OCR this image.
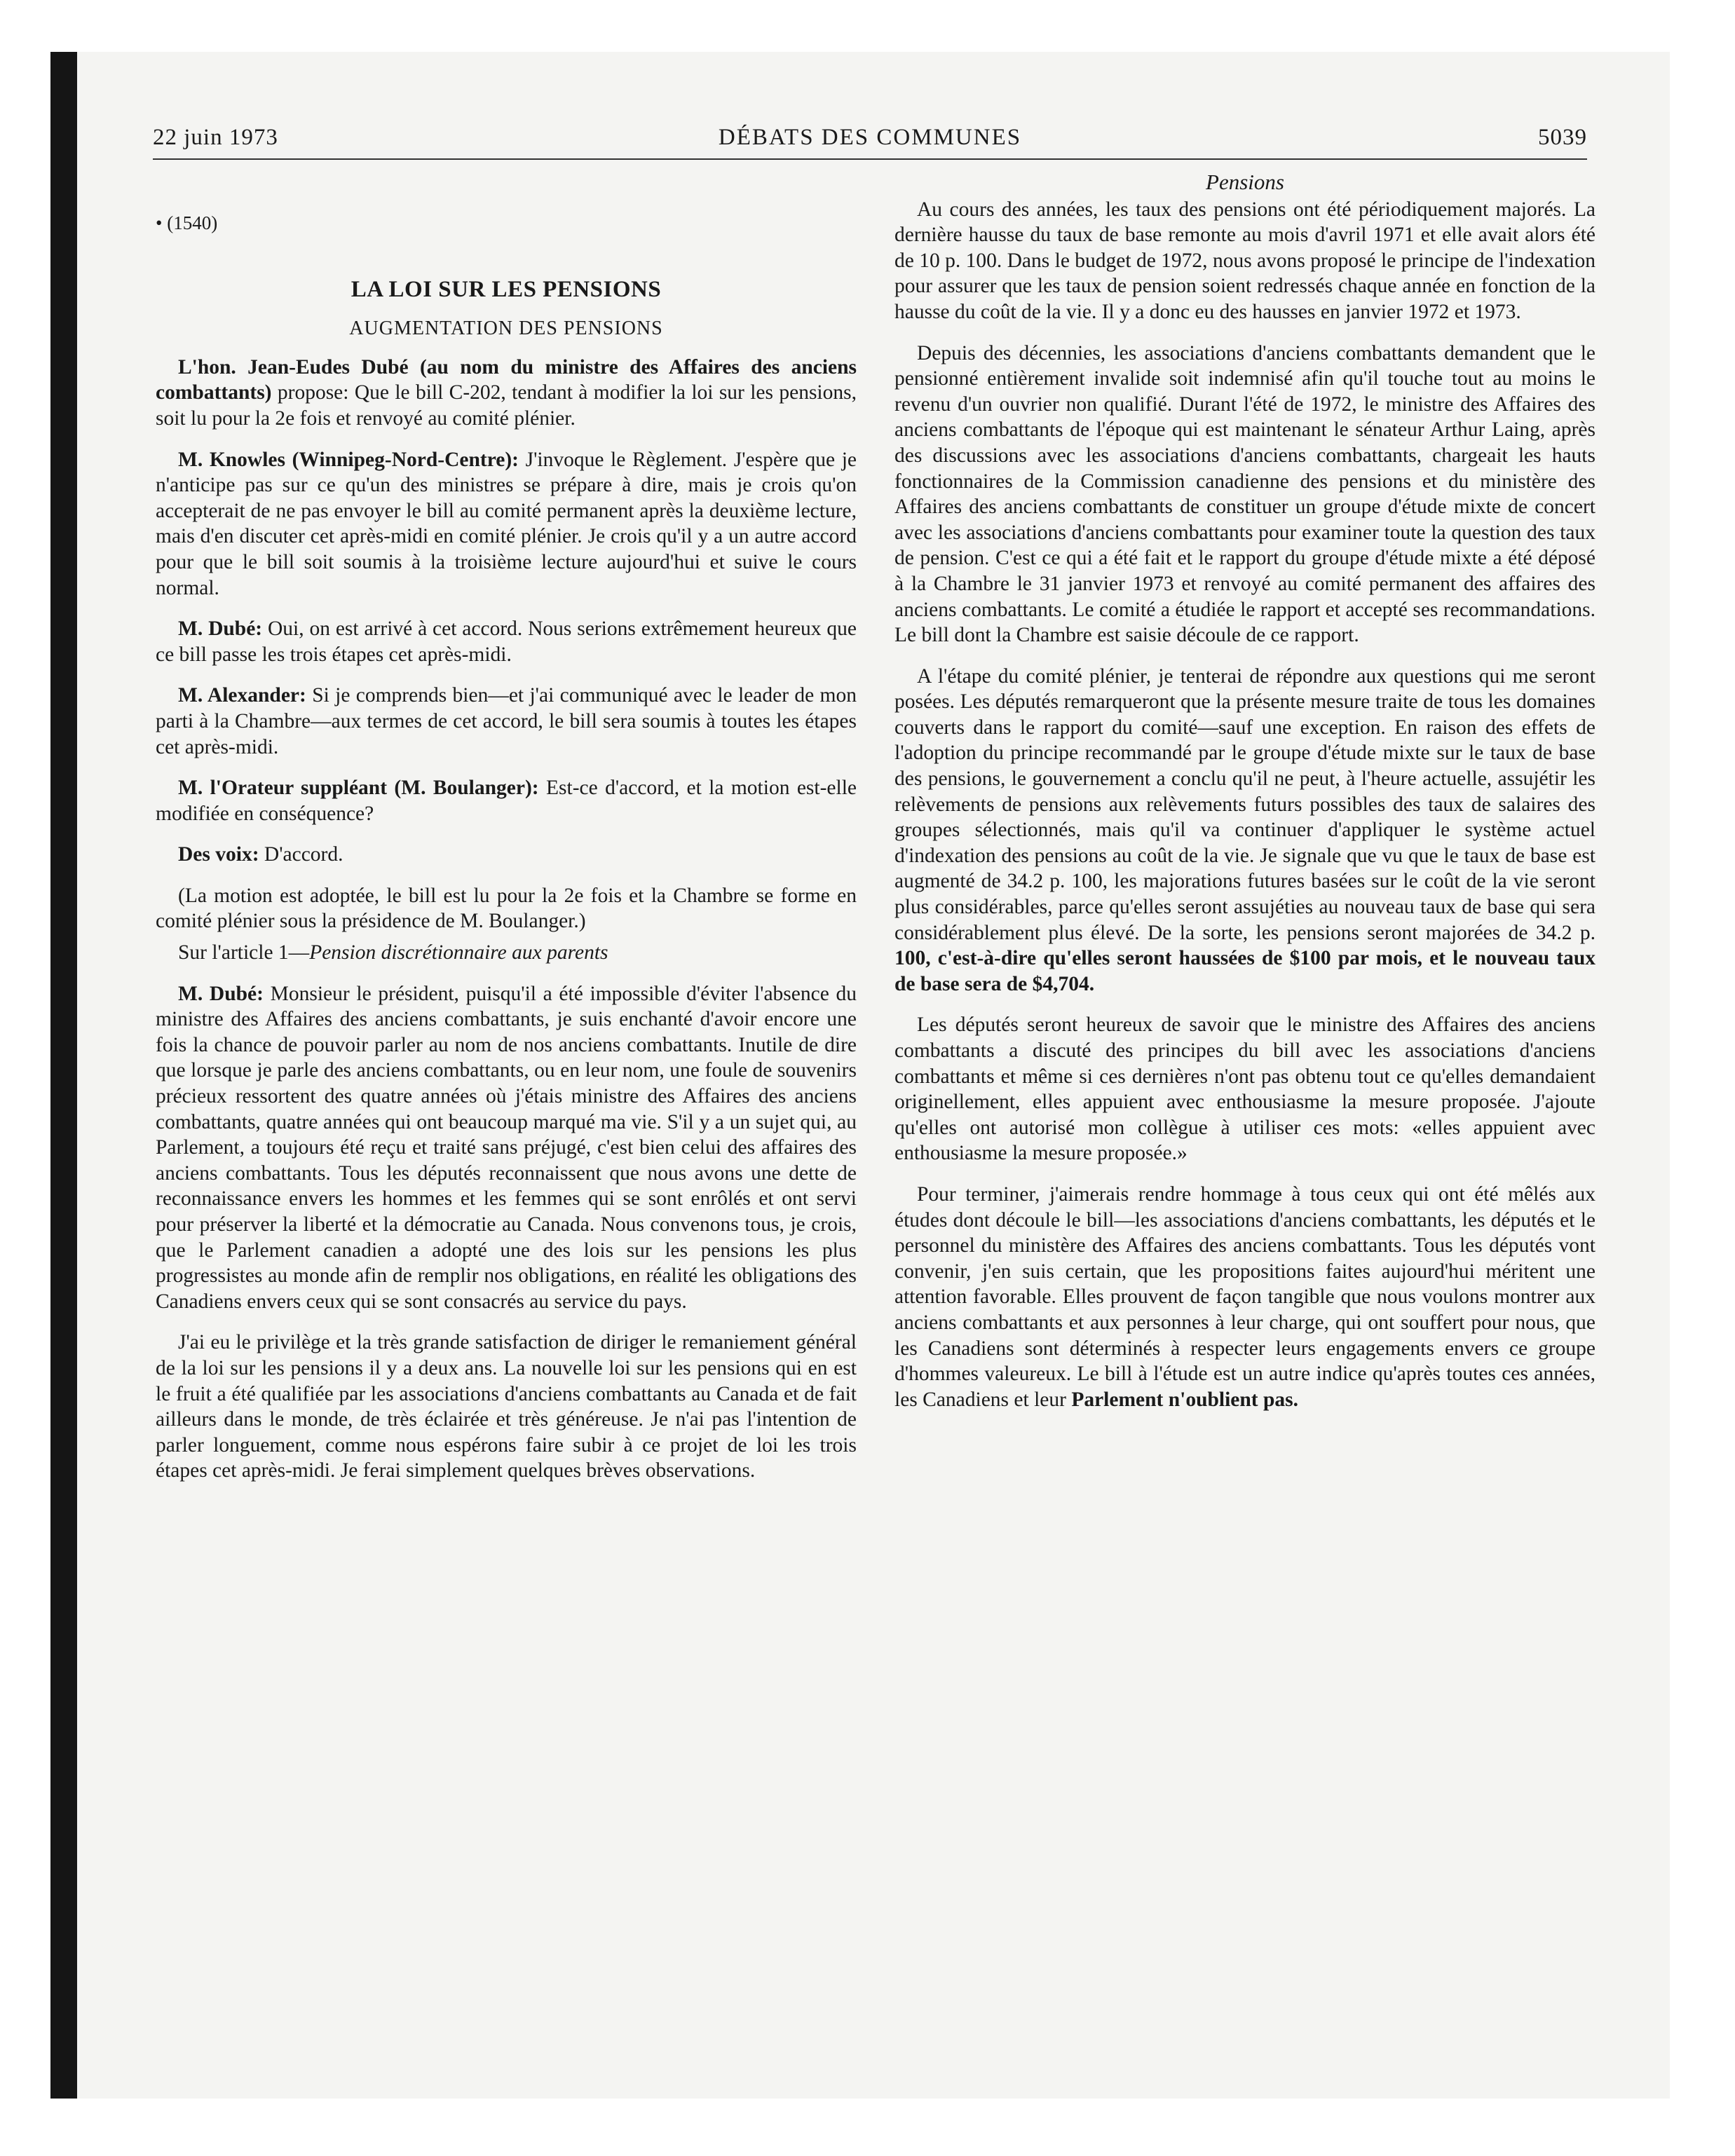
22 juin 1973	DÉBATS DES COMMUNES	5039
• (1540)
LA LOI SUR LES PENSIONS
AUGMENTATION DES PENSIONS

L'hon. Jean-Eudes Dubé (au nom du ministre des Affaires des anciens combattants) propose: Que le bill C-202, tendant à modifier la loi sur les pensions, soit lu pour la 2e fois et renvoyé au comité plénier.

M. Knowles (Winnipeg-Nord-Centre): J'invoque le Règlement. J'espère que je n'anticipe pas sur ce qu'un des ministres se prépare à dire, mais je crois qu'on accepterait de ne pas envoyer le bill au comité permanent après la deuxième lecture, mais d'en discuter cet après-midi en comité plénier. Je crois qu'il y a un autre accord pour que le bill soit soumis à la troisième lecture aujourd'hui et suive le cours normal.

M. Dubé: Oui, on est arrivé à cet accord. Nous serions extrêmement heureux que ce bill passe les trois étapes cet après-midi.

M. Alexander: Si je comprends bien—et j'ai communiqué avec le leader de mon parti à la Chambre—aux termes de cet accord, le bill sera soumis à toutes les étapes cet après-midi.

M. l'Orateur suppléant (M. Boulanger): Est-ce d'accord, et la motion est-elle modifiée en conséquence?

Des voix: D'accord.

(La motion est adoptée, le bill est lu pour la 2e fois et la Chambre se forme en comité plénier sous la présidence de M. Boulanger.)

Sur l'article 1—Pension discrétionnaire aux parents

M. Dubé: Monsieur le président, puisqu'il a été impossible d'éviter l'absence du ministre des Affaires des anciens combattants, je suis enchanté d'avoir encore une fois la chance de pouvoir parler au nom de nos anciens combattants. Inutile de dire que lorsque je parle des anciens combattants, ou en leur nom, une foule de souvenirs précieux ressortent des quatre années où j'étais ministre des Affaires des anciens combattants, quatre années qui ont beaucoup marqué ma vie. S'il y a un sujet qui, au Parlement, a toujours été reçu et traité sans préjugé, c'est bien celui des affaires des anciens combattants. Tous les députés reconnaissent que nous avons une dette de reconnaissance envers les hommes et les femmes qui se sont enrôlés et ont servi pour préserver la liberté et la démocratie au Canada. Nous convenons tous, je crois, que le Parlement canadien a adopté une des lois sur les pensions les plus progressistes au monde afin de remplir nos obligations, en réalité les obligations des Canadiens envers ceux qui se sont consacrés au service du pays.

J'ai eu le privilège et la très grande satisfaction de diriger le remaniement général de la loi sur les pensions il y a deux ans. La nouvelle loi sur les pensions qui en est le fruit a été qualifiée par les associations d'anciens combattants au Canada et de fait ailleurs dans le monde, de très éclairée et très généreuse. Je n'ai pas l'intention de parler longuement, comme nous espérons faire subir à ce projet de loi les trois étapes cet après-midi. Je ferai simplement quelques brèves observations.

Pensions

Au cours des années, les taux des pensions ont été périodiquement majorés. La dernière hausse du taux de base remonte au mois d'avril 1971 et elle avait alors été de 10 p. 100. Dans le budget de 1972, nous avons proposé le principe de l'indexation pour assurer que les taux de pension soient redressés chaque année en fonction de la hausse du coût de la vie. Il y a donc eu des hausses en janvier 1972 et 1973.

Depuis des décennies, les associations d'anciens combattants demandent que le pensionné entièrement invalide soit indemnisé afin qu'il touche tout au moins le revenu d'un ouvrier non qualifié. Durant l'été de 1972, le ministre des Affaires des anciens combattants de l'époque qui est maintenant le sénateur Arthur Laing, après des discussions avec les associations d'anciens combattants, chargeait les hauts fonctionnaires de la Commission canadienne des pensions et du ministère des Affaires des anciens combattants de constituer un groupe d'étude mixte de concert avec les associations d'anciens combattants pour examiner toute la question des taux de pension. C'est ce qui a été fait et le rapport du groupe d'étude mixte a été déposé à la Chambre le 31 janvier 1973 et renvoyé au comité permanent des affaires des anciens combattants. Le comité a étudiée le rapport et accepté ses recommandations. Le bill dont la Chambre est saisie découle de ce rapport.

A l'étape du comité plénier, je tenterai de répondre aux questions qui me seront posées. Les députés remarqueront que la présente mesure traite de tous les domaines couverts dans le rapport du comité—sauf une exception. En raison des effets de l'adoption du principe recommandé par le groupe d'étude mixte sur le taux de base des pensions, le gouvernement a conclu qu'il ne peut, à l'heure actuelle, assujétir les relèvements de pensions aux relèvements futurs possibles des taux de salaires des groupes sélectionnés, mais qu'il va continuer d'appliquer le système actuel d'indexation des pensions au coût de la vie. Je signale que vu que le taux de base est augmenté de 34.2 p. 100, les majorations futures basées sur le coût de la vie seront plus considérables, parce qu'elles seront assujéties au nouveau taux de base qui sera considérablement plus élevé. De la sorte, les pensions seront majorées de 34.2 p. 100, c'est-à-dire qu'elles seront haussées de $100 par mois, et le nouveau taux de base sera de $4,704.

Les députés seront heureux de savoir que le ministre des Affaires des anciens combattants a discuté des principes du bill avec les associations d'anciens combattants et même si ces dernières n'ont pas obtenu tout ce qu'elles demandaient originellement, elles appuient avec enthousiasme la mesure proposée. J'ajoute qu'elles ont autorisé mon collègue à utiliser ces mots: «elles appuient avec enthousiasme la mesure proposée.»

Pour terminer, j'aimerais rendre hommage à tous ceux qui ont été mêlés aux études dont découle le bill—les associations d'anciens combattants, les députés et le personnel du ministère des Affaires des anciens combattants. Tous les députés vont convenir, j'en suis certain, que les propositions faites aujourd'hui méritent une attention favorable. Elles prouvent de façon tangible que nous voulons montrer aux anciens combattants et aux personnes à leur charge, qui ont souffert pour nous, que les Canadiens sont déterminés à respecter leurs engagements envers ce groupe d'hommes valeureux. Le bill à l'étude est un autre indice qu'après toutes ces années, les Canadiens et leur Parlement n'oublient pas.
